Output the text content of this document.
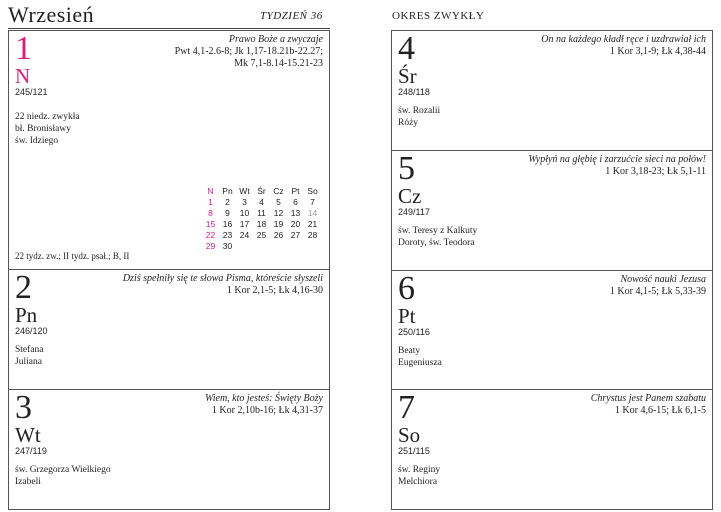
Wrzesień	TYDZIEŃ 36	OKRES ZWYKŁY
1
N
245/121
Prawo Boże a zwyczaje
Pwt 4,1-2.6-8; Jk 1,17-18.21b-22.27;
Mk 7,1-8.14-15.21-23
22 niedz. zwykła
bł. Bronisławy
św. Idziego
N	Pn	Wt	Śr	Cz	Pt	So
1	2	3	4	5	6	7
8	9	10	11	12	13	14
15	16	17	18	19	20	21
22	23	24	25	26	27	28
29	30					
22 tydz. zw.; II tydz. psał.; B, II
2
Pn
246/120
Dziś spełniły się te słowa Pisma, któreście słyszeli
1 Kor 2,1-5; Łk 4,16-30
Stefana
Juliana
3
Wt
247/119
Wiem, kto jesteś: Święty Boży
1 Kor 2,10b-16; Łk 4,31-37
św. Grzegorza Wielkiego
Izabeli
4
Śr
248/118
On na każdego kładł ręce i uzdrawiał ich
1 Kor 3,1-9; Łk 4,38-44
św. Rozalii
Róży
5
Cz
249/117
Wypłyń na głębię i zarzućcie sieci na połów!
1 Kor 3,18-23; Łk 5,1-11
św. Teresy z Kalkuty
Doroty, św. Teodora
6
Pt
250/116
Nowość nauki Jezusa
1 Kor 4,1-5; Łk 5,33-39
Beaty
Eugeniusza
7
So
251/115
Chrystus jest Panem szabatu
1 Kor 4,6-15; Łk 6,1-5
św. Reginy
Melchiora
